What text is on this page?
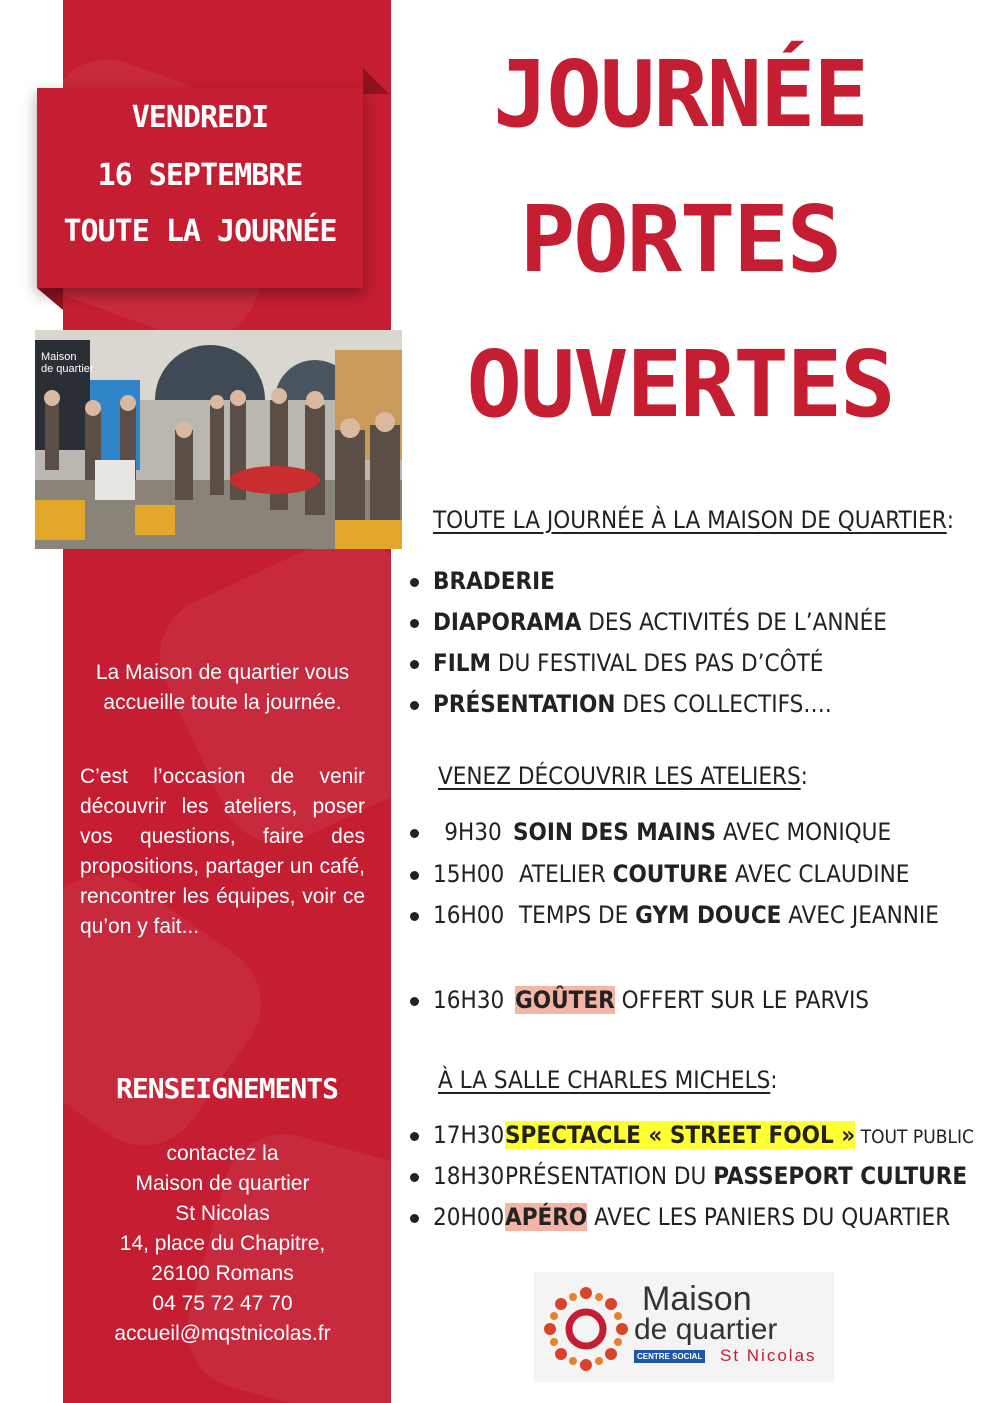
VENDREDI
16 SEPTEMBRE
TOUTE LA JOURNÉE
Maison
de quartier
La Maison de quartier vous accueille toute la journée.
C’est l’occasion de venir découvrir les ateliers, poser vos questions, faire des propositions, partager un café, rencontrer les équipes, voir ce qu’on y fait...
RENSEIGNEMENTS
contactez la
Maison de quartier
St Nicolas
14, place du Chapitre,
26100 Romans
04 75 72 47 70
accueil@mqstnicolas.fr
JOURNÉE
PORTES
OUVERTES
TOUTE LA JOURNÉE À LA MAISON DE QUARTIER:
BRADERIE
DIAPORAMA DES ACTIVITÉS DE L’ANNÉE
FILM DU FESTIVAL DES PAS D’CÔTÉ
PRÉSENTATION DES COLLECTIFS….
VENEZ DÉCOUVRIR LES ATELIERS:
9H30 SOIN DES MAINS AVEC MONIQUE
15H00 ATELIER COUTURE AVEC CLAUDINE
16H00 TEMPS DE GYM DOUCE AVEC JEANNIE
16H30 GOÛTER OFFERT SUR LE PARVIS
À LA SALLE CHARLES MICHELS:
17H30SPECTACLE « STREET FOOL » TOUT PUBLIC
18H30PRÉSENTATION DU PASSEPORT CULTURE
20H00APÉRO AVEC LES PANIERS DU QUARTIER
Maison
de quartier
CENTRE SOCIAL St Nicolas
